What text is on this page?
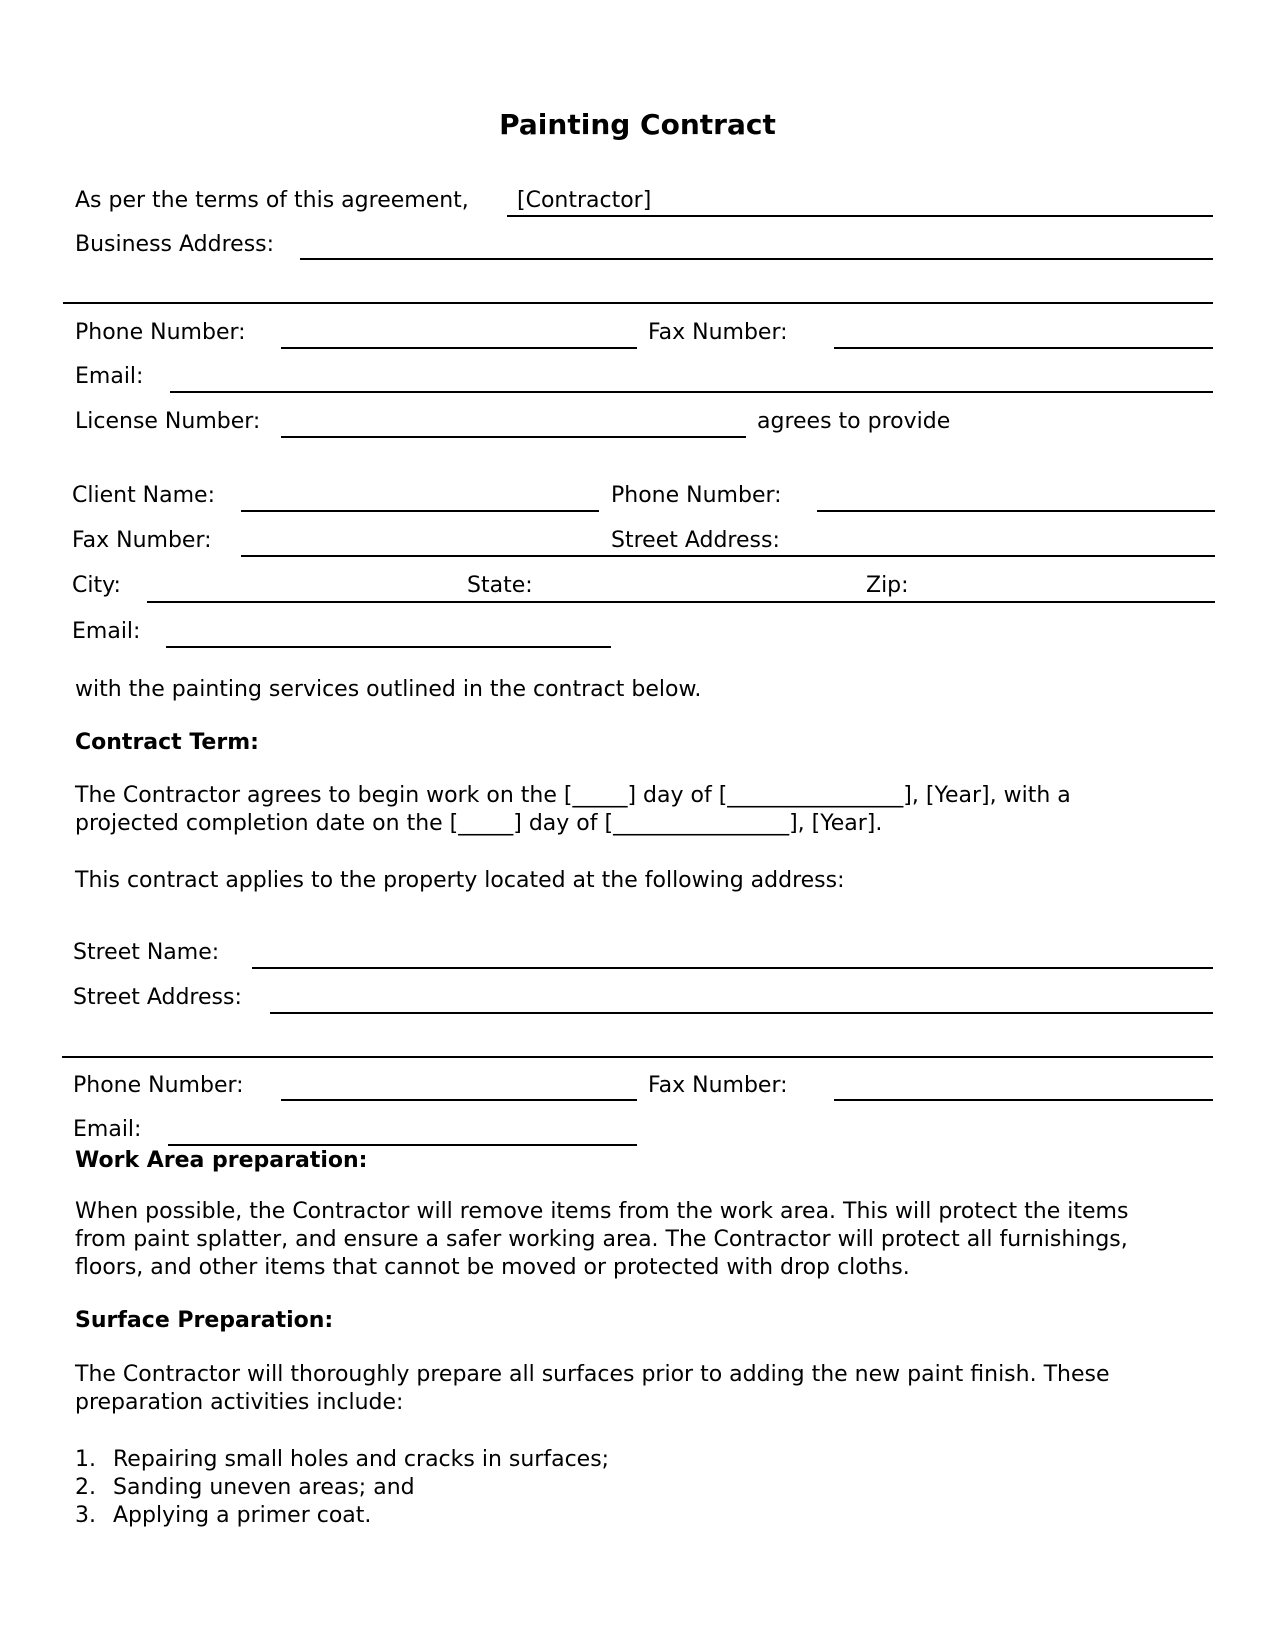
Painting Contract
As per the terms of this agreement, [Contractor]
Business Address:
Phone Number:	Fax Number:
Email:
License Number:	agrees to provide
Client Name:	Phone Number:
Fax Number:	Street Address:
City:	State:	Zip:
Email:
with the painting services outlined in the contract below.
Contract Term:
The Contractor agrees to begin work on the [_____] day of [________________], [Year], with a
projected completion date on the [_____] day of [________________], [Year].
This contract applies to the property located at the following address:
Street Name:
Street Address:
Phone Number:	Fax Number:
Email:
Work Area preparation:
When possible, the Contractor will remove items from the work area. This will protect the items
from paint splatter, and ensure a safer working area. The Contractor will protect all furnishings,
floors, and other items that cannot be moved or protected with drop cloths.
Surface Preparation:
The Contractor will thoroughly prepare all surfaces prior to adding the new paint finish. These
preparation activities include:
1. Repairing small holes and cracks in surfaces;
2. Sanding uneven areas; and
3. Applying a primer coat.
